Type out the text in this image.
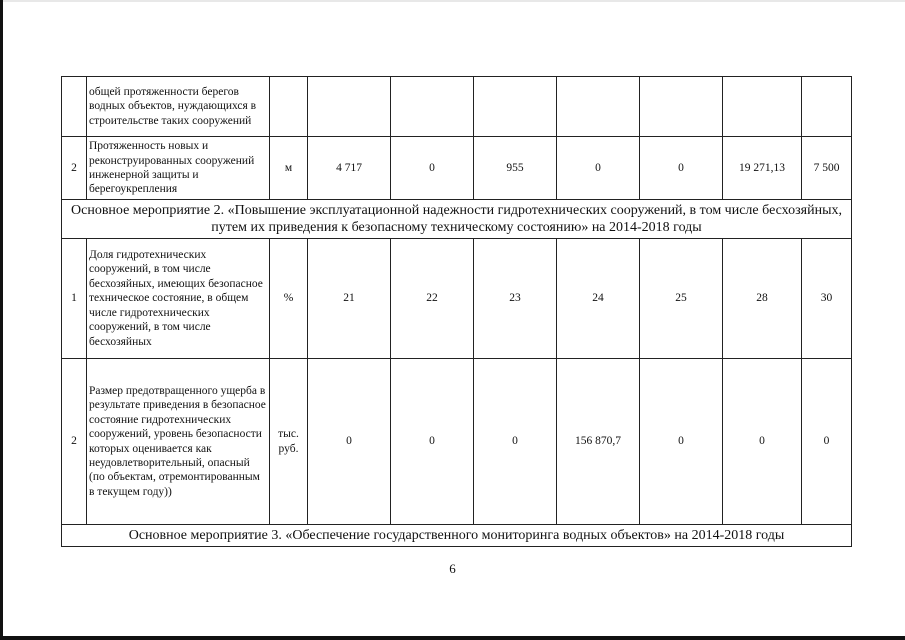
	общей протяженности берегов водных объектов, нуждающихся в строительстве таких сооружений								
2	Протяженность новых и реконструированных сооружений инженерной защиты и берегоукрепления	м	4 717	0	955	0	0	19 271,13	7 500
Основное мероприятие 2. «Повышение эксплуатационной надежности гидротехнических сооружений, в том числе бесхозяйных, путем их приведения к безопасному техническому состоянию» на 2014-2018 годы									
1	Доля гидротехнических сооружений, в том числе бесхозяйных, имеющих безопасное техническое состояние, в общем числе гидротехнических сооружений, в том числе бесхозяйных	%	21	22	23	24	25	28	30
2	Размер предотвращенного ущерба в результате приведения в безопасное состояние гидротехнических сооружений, уровень безопасности которых оценивается как неудовлетворительный, опасный (по объектам, отремонтированным в текущем году))	тыс. руб.	0	0	0	156 870,7	0	0	0
Основное мероприятие 3. «Обеспечение государственного мониторинга водных объектов» на 2014-2018 годы									
6
